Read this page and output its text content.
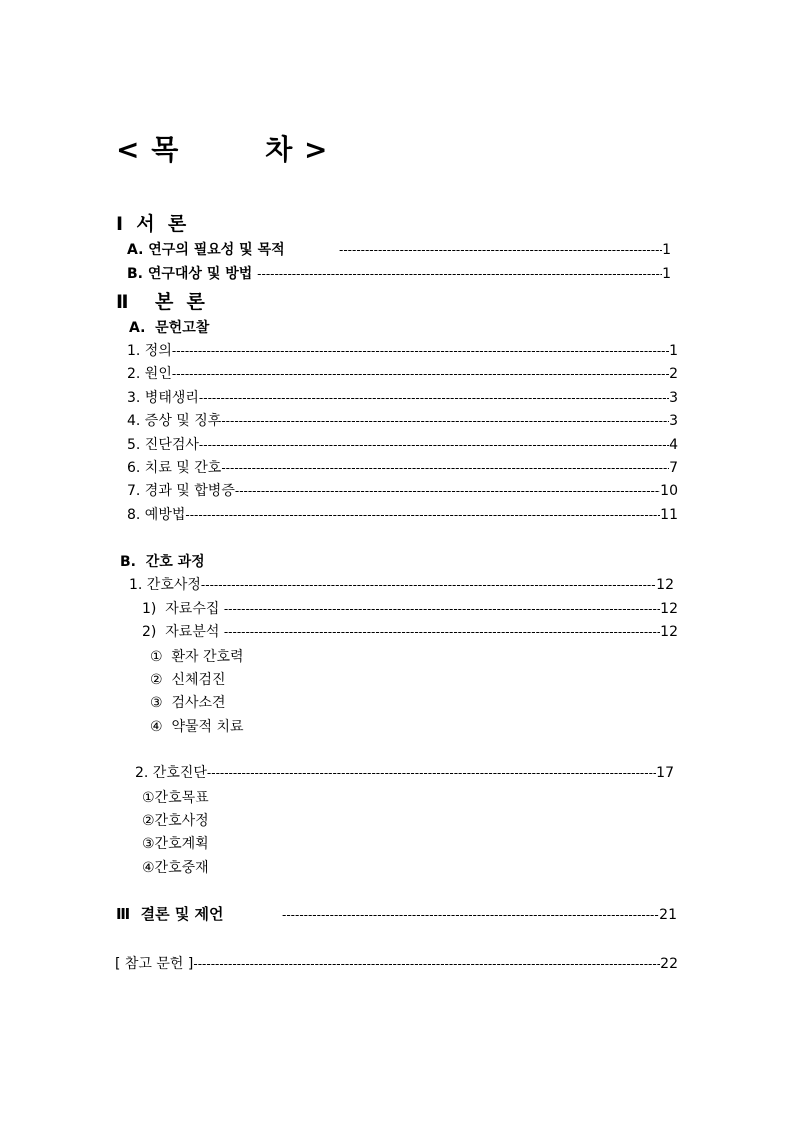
< 목        차 >
Ⅰ  서  론
A. 연구의 필요성 및 목적 -----	1
B. 연구대상 및 방법 -----	1
Ⅱ    본  론
A.  문헌고찰
1. 정의 -----	1
2. 원인 -----	2
3. 병태생리 -----	3
4. 증상 및 징후 -----	3
5. 진단검사 -----	4
6. 치료 및 간호 -----	7
7. 경과 및 합병증 -----	10
8. 예방법 -----	11
B.  간호 과정
1. 간호사정 -----	12
1)  자료수집 -----	12
2)  자료분석 -----	12
①  환자 간호력
②  신체검진
③  검사소견
④  약물적 치료
2. 간호진단 -----	17
①간호목표
②간호사정
③간호계획
④간호중재
Ⅲ  결론 및 제언 -----	21
[ 참고 문헌 ] -----	22
